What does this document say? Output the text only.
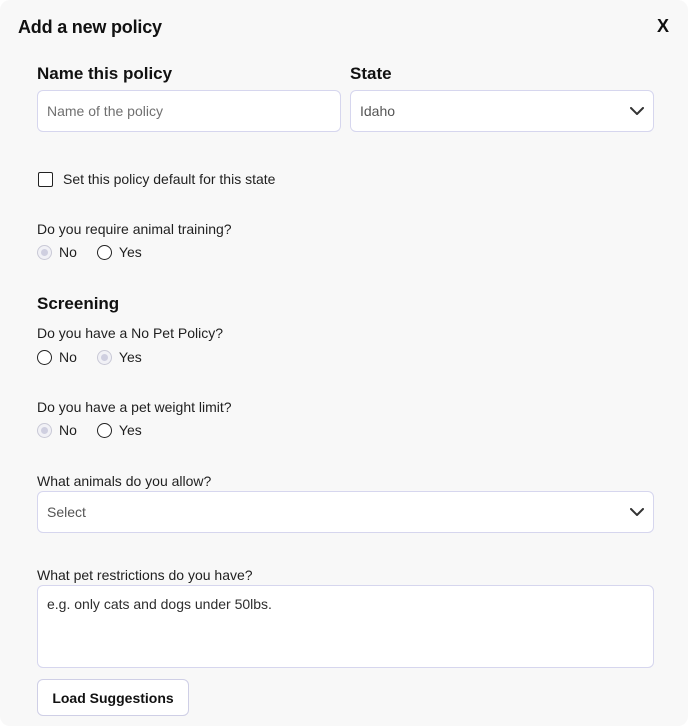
Add a new policy	X
Name this policy
Name of the policy	State
Idaho
Set this policy default for this state
Do you require animal training?
No	Yes
Screening
Do you have a No Pet Policy?
No	Yes
Do you have a pet weight limit?
No	Yes
What animals do you allow?
Select
What pet restrictions do you have?
e.g. only cats and dogs under 50lbs.
Load Suggestions
